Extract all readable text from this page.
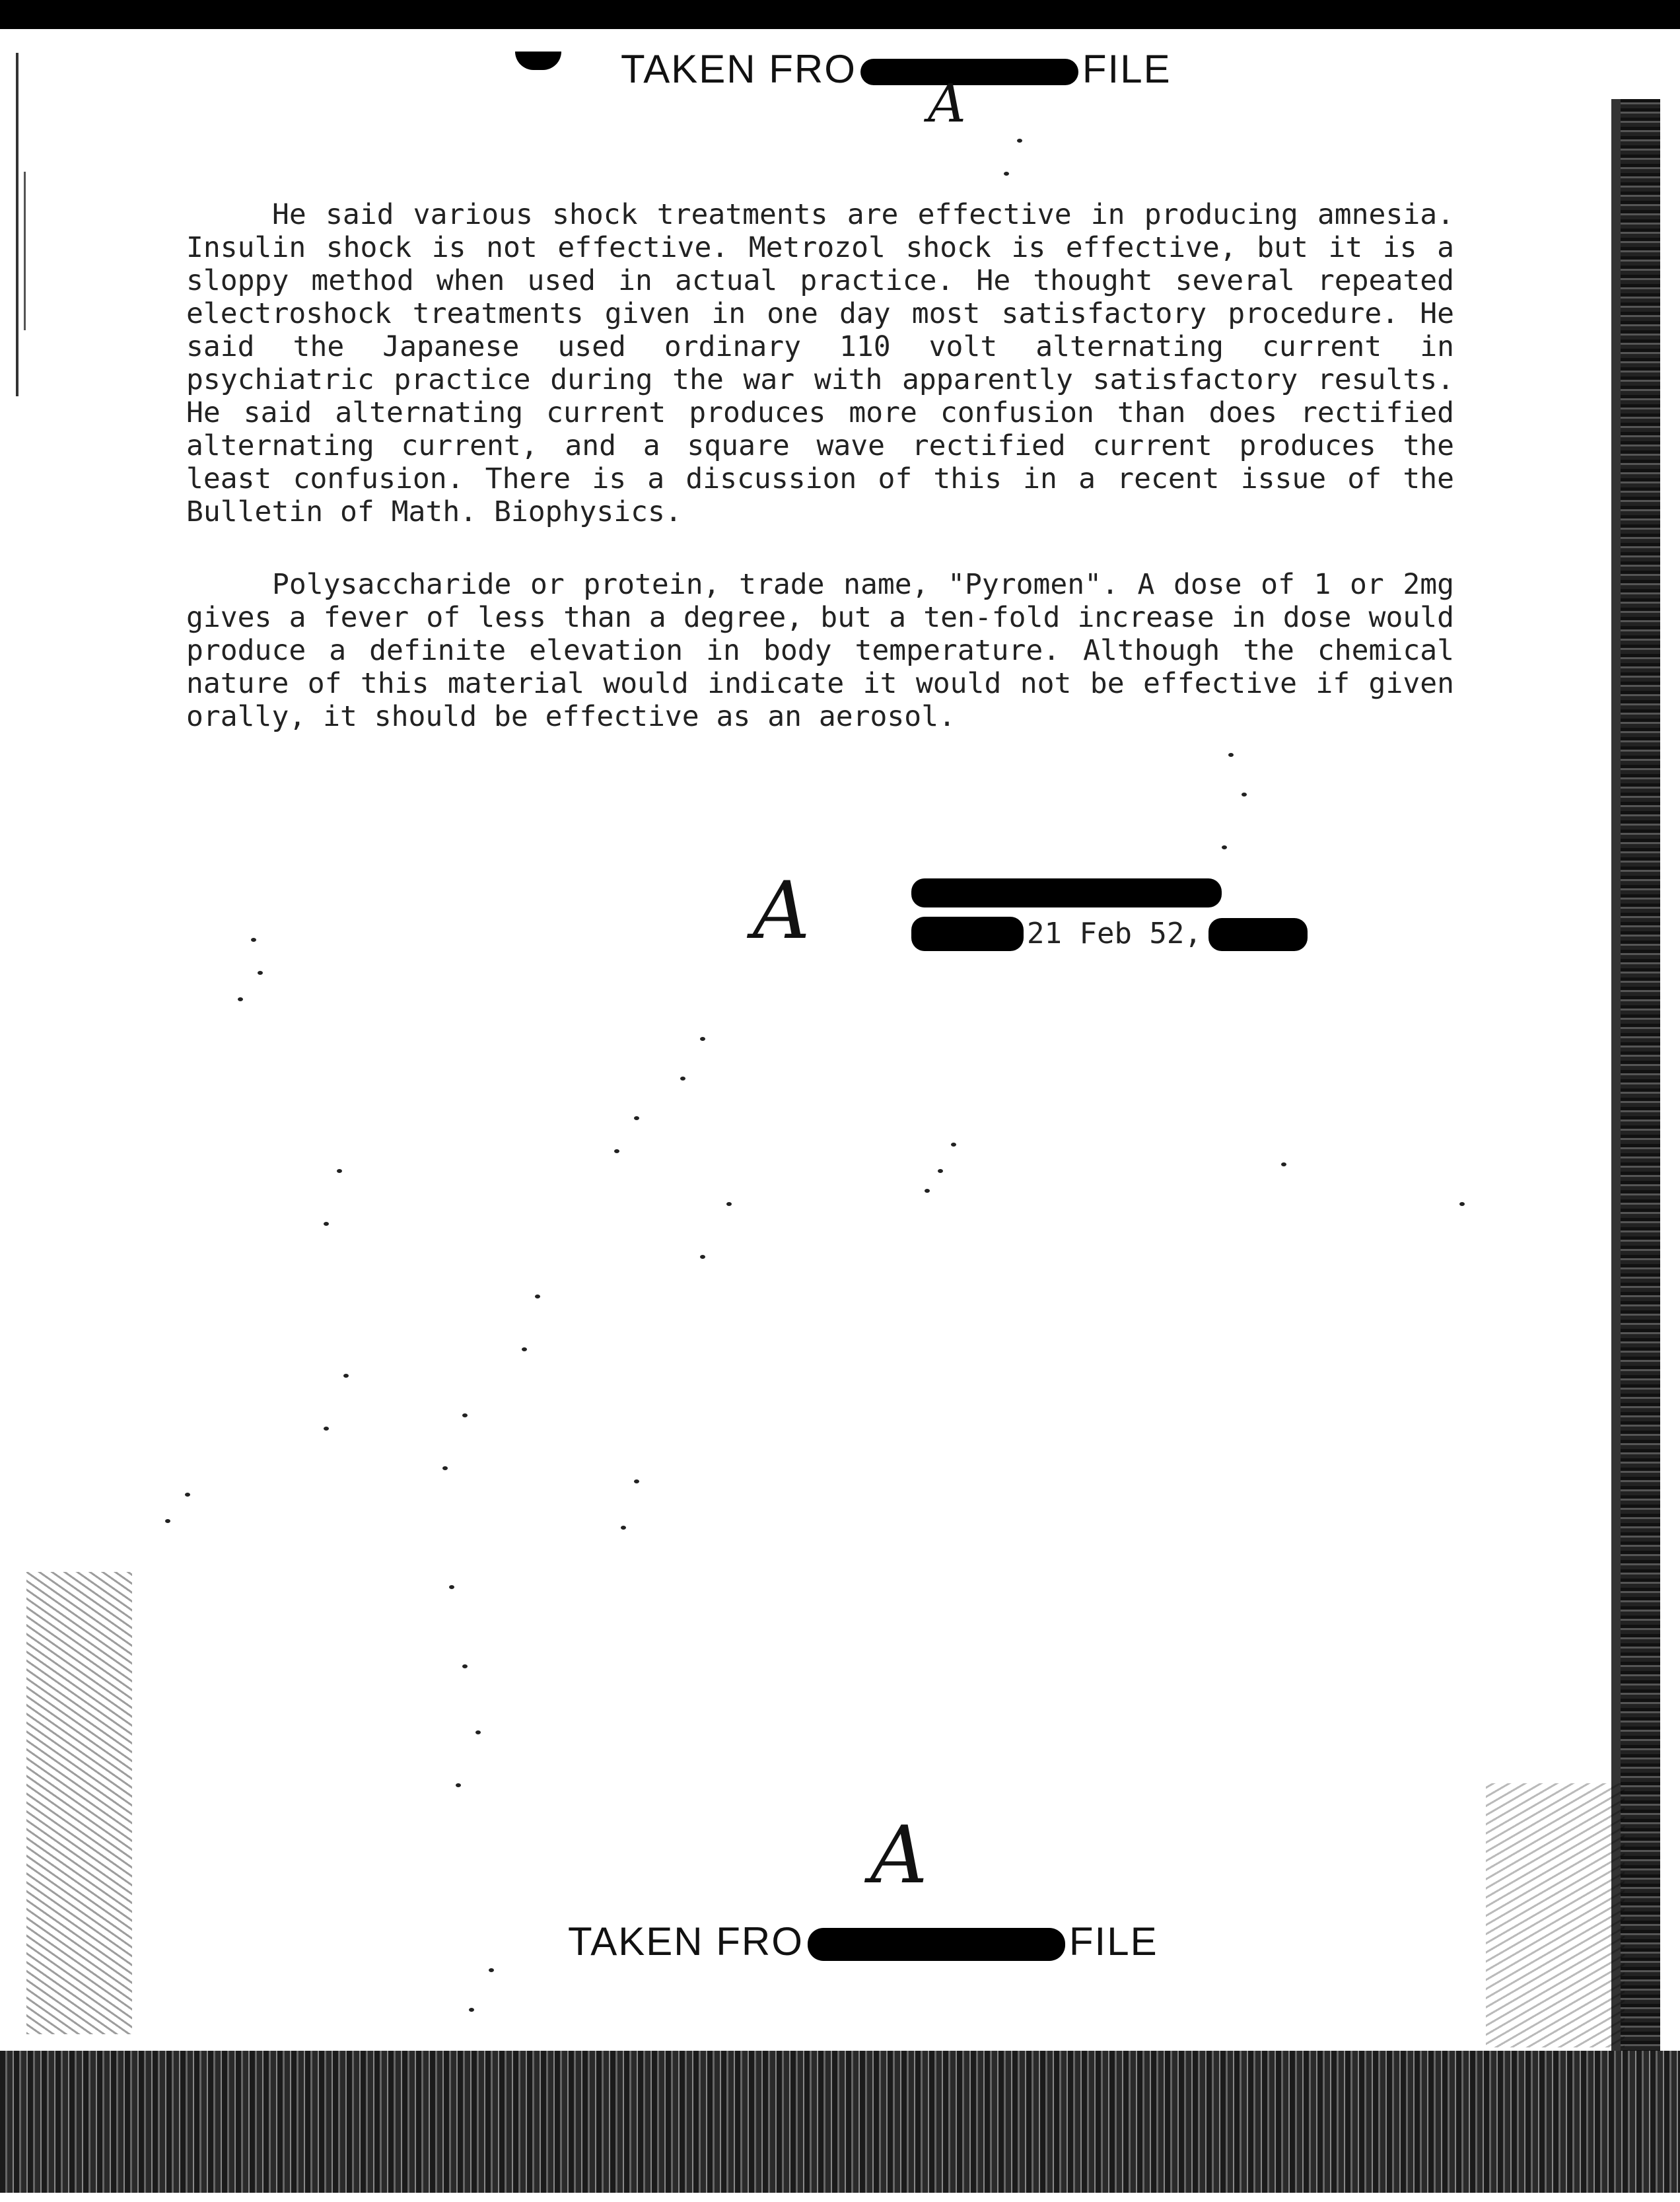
TAKEN FRO	FILE
A

He said various shock treatments are effective in producing amnesia. Insulin shock is not effective. Metrozol shock is effective, but it is a sloppy method when used in actual practice. He thought several repeated electroshock treatments given in one day most satisfactory procedure. He said the Japanese used ordinary 110 volt alternating current in psychiatric practice during the war with apparently satisfactory results. He said alternating current produces more confusion than does rectified alternating current, and a square wave rectified current produces the least confusion. There is a discussion of this in a recent issue of the Bulletin of Math. Biophysics.

Polysaccharide or protein, trade name, "Pyromen". A dose of 1 or 2mg gives a fever of less than a degree, but a ten-fold increase in dose would produce a definite elevation in body temperature. Although the chemical nature of this material would indicate it would not be effective if given orally, it should be effective as an aerosol.

A	21 Feb 52,
A
TAKEN FRO	FILE
